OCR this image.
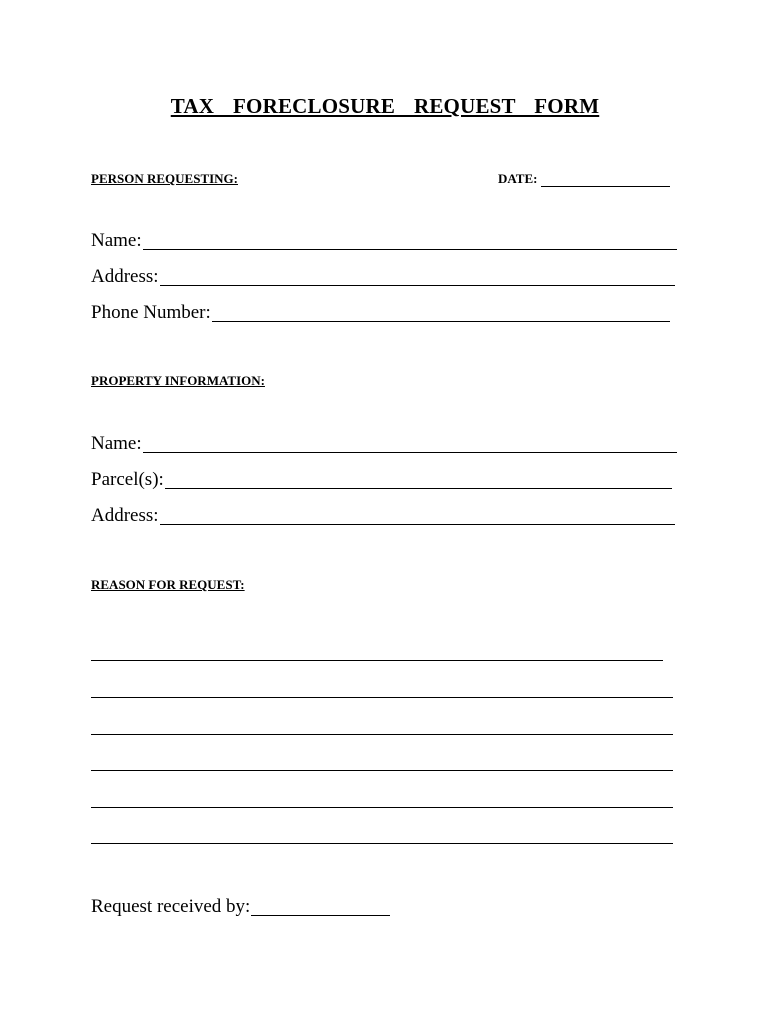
TAX  FORECLOSURE  REQUEST  FORM
PERSON REQUESTING:	DATE:
Name:
Address:
Phone Number:
PROPERTY INFORMATION:
Name:
Parcel(s):
Address:
REASON FOR REQUEST:
Request received by:
